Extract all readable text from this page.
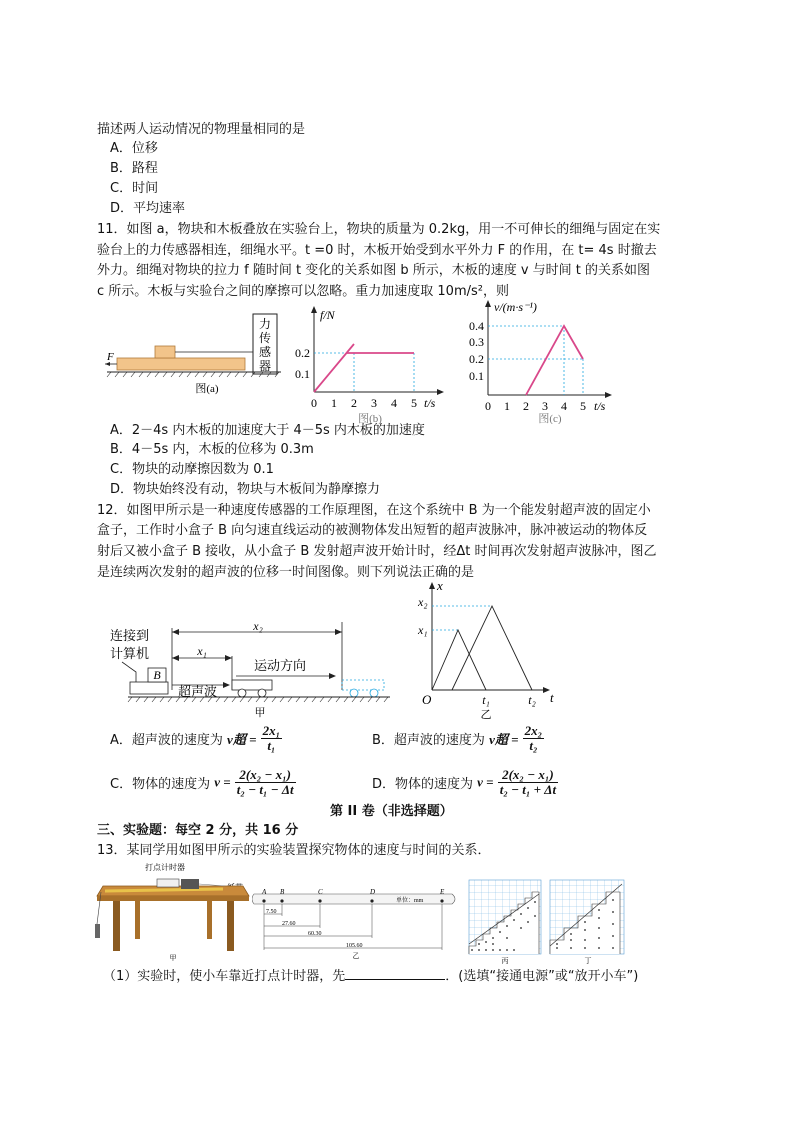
描述两人运动情况的物理量相同的是
A．位移
B．路程
C．时间
D．平均速率
11．如图 a，物块和木板叠放在实验台上，物块的质量为 0.2kg，用一不可伸长的细绳与固定在实
验台上的力传感器相连，细绳水平。t =0 时，木板开始受到水平外力 F 的作用，在 t= 4s 时撤去
外力。细绳对物块的拉力 f 随时间 t 变化的关系如图 b 所示，木板的速度 v 与时间 t 的关系如图
c 所示。木板与实验台之间的摩擦可以忽略。重力加速度取 10m/s²，则
力
传
感
器
F
图(a)
f/N
0.2
0.1
0 1 2 3 4 5 t/s
图(b)
v/(m·s⁻¹)
0.4
0.3
0.2
0.1
0 1 2 3 4 5 t/s
图(c)
A．2－4s 内木板的加速度大于 4－5s 内木板的加速度
B．4－5s 内，木板的位移为 0.3m
C．物块的动摩擦因数为 0.1
D．物块始终没有动，物块与木板间为静摩擦力
12．如图甲所示是一种速度传感器的工作原理图，在这个系统中 B 为一个能发射超声波的固定小
盒子，工作时小盒子 B 向匀速直线运动的被测物体发出短暂的超声波脉冲，脉冲被运动的物体反
射后又被小盒子 B 接收，从小盒子 B 发射超声波开始计时，经Δt 时间再次发射超声波脉冲，图乙
是连续两次发射的超声波的位移一时间图像。则下列说法正确的是
连接到
计算机
B
x₂
x₁
运动方向
超声波
甲
x
x₂
x₁
O	t₁	t₂ t
乙
A．超声波的速度为 v超 = $\frac{\text{2x₁}}{\text{t₁}}$	B．超声波的速度为 v超 = $\frac{\text{2x₂}}{\text{t₂}}$
C．物体的速度为 $v = \frac{\text{2(x₂ − x₁)}}{\text{t₂ − t₁ − Δt}}$	D．物体的速度为 $v = \frac{\text{2(x₂ − x₁)}}{\text{t₂ − t₁ + Δt}}$
第 II 卷（非选择题）
三、实验题：每空 2 分，共 16 分
13．某同学用如图甲所示的实验装置探究物体的速度与时间的关系．
打点计时器
甲
A B	C	D	E
单位：mm
7.50
27.60
60.30
105.60
乙
丙	丁
（1）实验时，使小车靠近打点计时器，先	．(选填“接通电源”或“放开小车”)
